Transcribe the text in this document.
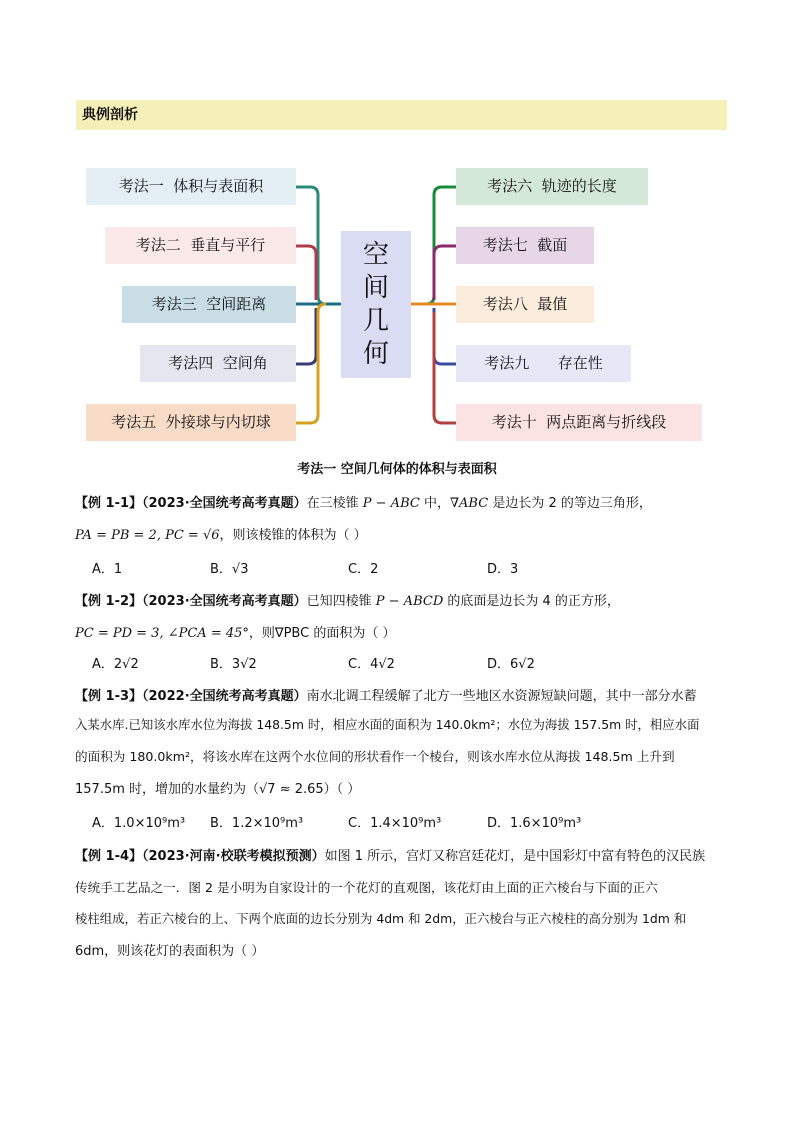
典例剖析
考法一  体积与表面积
考法二  垂直与平行
考法三  空间距离
考法四  空间角
考法五  外接球与内切球
空
间
几
何
考法六  轨迹的长度
考法七  截面
考法八  最值
考法九      存在性
考法十  两点距离与折线段
考法一 空间几何体的体积与表面积
【例 1-1】（2023·全国统考高考真题）在三棱锥 P − ABC 中，∇ABC 是边长为 2 的等边三角形，
PA = PB = 2, PC = √6，则该棱锥的体积为（ ）
A．1	B．√3	C．2	D．3
【例 1-2】（2023·全国统考高考真题）已知四棱锥 P − ABCD 的底面是边长为 4 的正方形，
PC = PD = 3, ∠PCA = 45°，则∇PBC 的面积为（ ）
A．2√2	B．3√2	C．4√2	D．6√2
【例 1-3】（2022·全国统考高考真题）南水北调工程缓解了北方一些地区水资源短缺问题，其中一部分水蓄
入某水库.已知该水库水位为海拔 148.5m 时，相应水面的面积为 140.0km²；水位为海拔 157.5m 时，相应水面
的面积为 180.0km²，将该水库在这两个水位间的形状看作一个棱台，则该水库水位从海拔 148.5m 上升到
157.5m 时，增加的水量约为（√7 ≈ 2.65）（ ）
A．1.0×10⁹m³ B．1.2×10⁹m³	C．1.4×10⁹m³	D．1.6×10⁹m³
【例 1-4】（2023·河南·校联考模拟预测）如图 1 所示，宫灯又称宫廷花灯，是中国彩灯中富有特色的汉民族
传统手工艺品之一．图 2 是小明为自家设计的一个花灯的直观图，该花灯由上面的正六棱台与下面的正六
棱柱组成，若正六棱台的上、下两个底面的边长分别为 4dm 和 2dm，正六棱台与正六棱柱的高分别为 1dm 和
6dm，则该花灯的表面积为（ ）
